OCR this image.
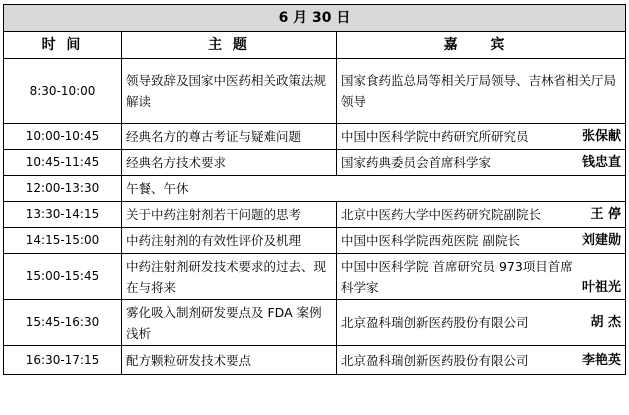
6 月 30 日		
时 间	主 题	嘉 宾
8:30-10:00	领导致辞及国家中医药相关政策法规解读	国家食药监总局等相关厅局领导、吉林省相关厅局领导

10:00-10:45	经典名方的尊古考证与疑难问题	中国中医科学院中药研究所研究员 张保献

10:45-11:45	经典名方技术要求	国家药典委员会首席科学家 钱忠直

12:00-13:30	午餐、午休	
13:30-14:15	关于中药注射剂若干问题的思考	北京中医药大学中医药研究院副院长 王 停

14:15-15:00	中药注射剂的有效性评价及机理	中国中医科学院西苑医院 副院长 刘建勋

15:00-15:45	中药注射剂研发技术要求的过去、现在与将来	中国中医科学院 首席研究员 973项目首席科学家 叶祖光

15:45-16:30	雾化吸入制剂研发要点及 FDA 案例浅析	北京盈科瑞创新医药股份有限公司 胡 杰

16:30-17:15	配方颗粒研发技术要点	北京盈科瑞创新医药股份有限公司 李艳英
